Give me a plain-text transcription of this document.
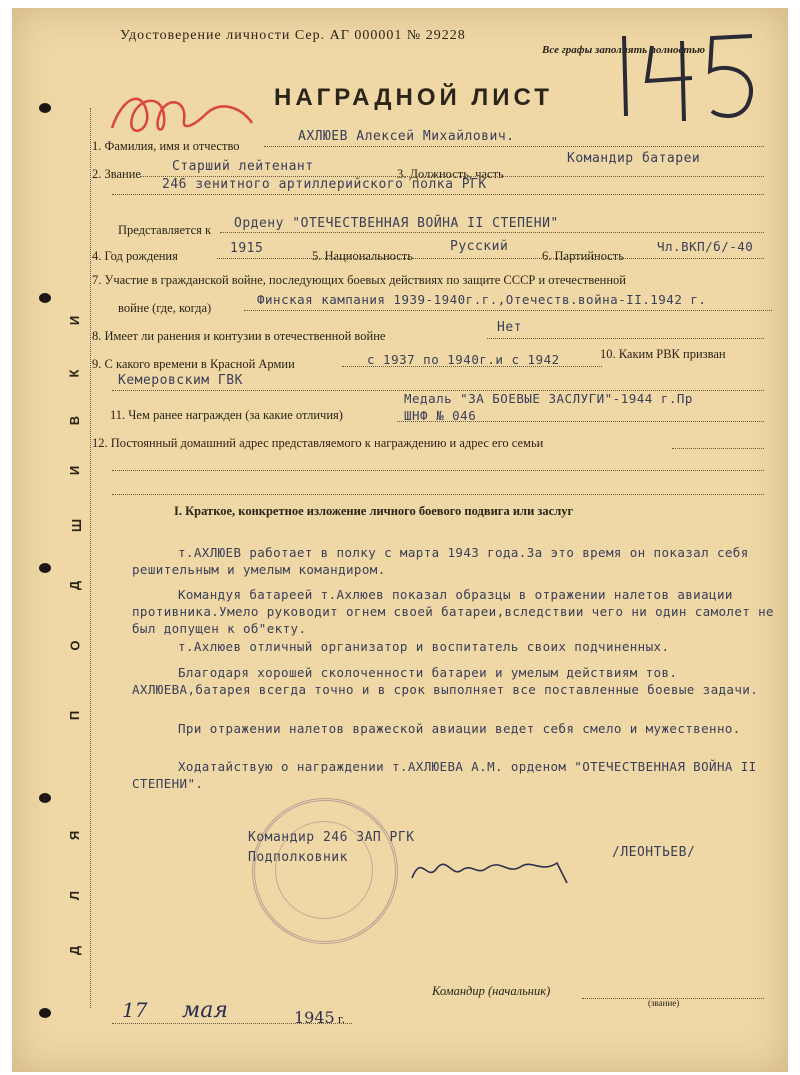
Удостоверение личности Сер. АГ 000001 № 29228
Все графы заполнять полностью
НАГРАДНОЙ ЛИСТ
Д
Л
Я
П
О
Д
Ш
И
В
К
И
1. Фамилия, имя и отчество
АХЛЮЕВ Алексей Михайлович.
2. Звание Старший лейтенант	3. Должность, часть
Командир батареи
246 зенитного артиллерийского полка РГК
Представляется к Ордену "ОТЕЧЕСТВЕННАЯ ВОЙНА II СТЕПЕНИ"
4. Год рождения	1915	5. Национальность
Русский
6. Партийность
Чл.ВКП/б/-40
7. Участие в гражданской войне, последующих боевых действиях по защите СССР и отечественной
войне (где, когда)
Финская кампания 1939-1940г.г.,Отечеств.война-II.1942 г.
8. Имеет ли ранения и контузии в отечественной войне
Нет
9. С какого времени в Красной Армии	с 1937 по 1940г.и с 1942	10. Каким РВК призван
Кемеровским ГВК
11. Чем ранее награжден (за какие отличия)
Медаль "ЗА БОЕВЫЕ ЗАСЛУГИ"-1944 г.Пр
ШНФ № 046
12. Постоянный домашний адрес представляемого к награждению и адрес его семьи
I. Краткое, конкретное изложение личного боевого подвига или заслуг
т.АХЛЮЕВ работает в полку с марта 1943 года.За это время он показал себя решительным и умелым командиром.
Командуя батареей т.Ахлюев показал образцы в отражении налетов авиации противника.Умело руководит огнем своей батареи,вследствии чего ни один самолет не был допущен к об"екту.
т.Ахлюев отличный организатор и воспитатель своих подчиненных.
Благодаря хорошей сколоченности батареи и умелым действиям тов. АХЛЮЕВА,батарея всегда точно и в срок выполняет все поставленные боевые задачи.
При отражении налетов вражеской авиации ведет себя смело и мужественно.
Ходатайствую о награждении т.АХЛЮЕВА А.М. орденом "ОТЕЧЕСТВЕННАЯ ВОЙНА II СТЕПЕНИ".
Командир 246 ЗАП РГК
Подполковник	/ЛЕОНТЬЕВ/
Командир (начальник)
(звание)
17 мая	1945 г.
